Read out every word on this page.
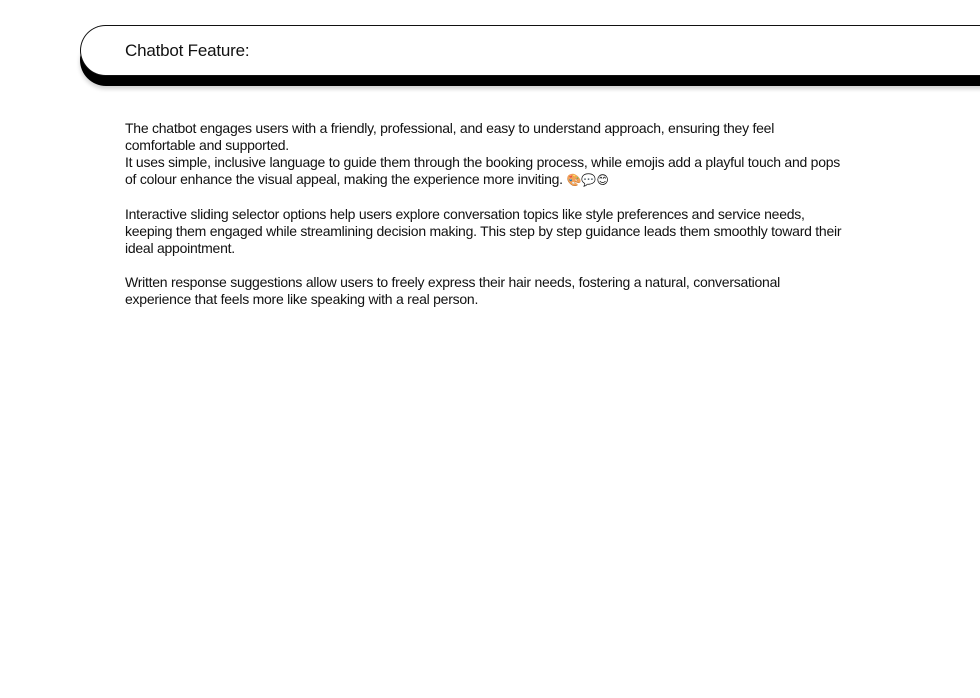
Chatbot Feature:

The chatbot engages users with a friendly, professional, and easy to understand approach, ensuring they feel comfortable and supported.
It uses simple, inclusive language to guide them through the booking process, while emojis add a playful touch and pops of colour enhance the visual appeal, making the experience more inviting. 🎨💬😊

Interactive sliding selector options help users explore conversation topics like style preferences and service needs, keeping them engaged while streamlining decision making. This step by step guidance leads them smoothly toward their ideal appointment.

Written response suggestions allow users to freely express their hair needs, fostering a natural, conversational experience that feels more like speaking with a real person.
